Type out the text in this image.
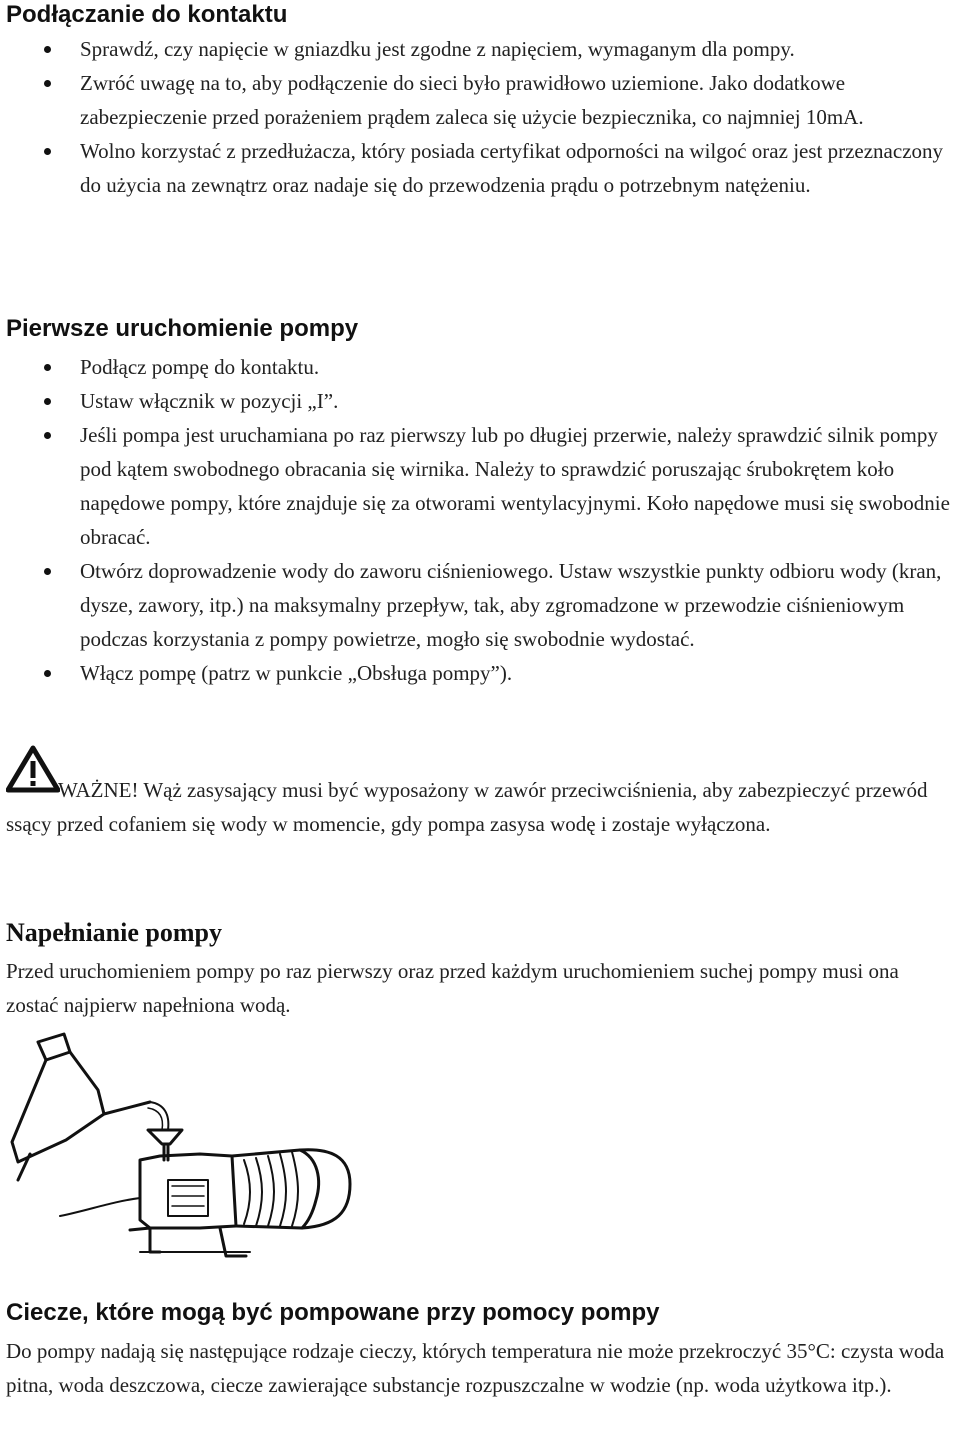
Podłączanie do kontaktu
Sprawdź, czy napięcie w gniazdku jest zgodne z napięciem, wymaganym dla pompy.
Zwróć uwagę na to, aby podłączenie do sieci było prawidłowo uziemione. Jako dodatkowe zabezpieczenie przed porażeniem prądem zaleca się użycie bezpiecznika, co najmniej 10mA.
Wolno korzystać z przedłużacza, który posiada certyfikat odporności na wilgoć oraz jest przeznaczony do użycia na zewnątrz oraz nadaje się do przewodzenia prądu o potrzebnym natężeniu.
Pierwsze uruchomienie pompy
Podłącz pompę do kontaktu.
Ustaw włącznik w pozycji „I”.
Jeśli pompa jest uruchamiana po raz pierwszy lub po długiej przerwie, należy sprawdzić silnik pompy pod kątem swobodnego obracania się wirnika. Należy to sprawdzić poruszając śrubokrętem koło napędowe pompy, które znajduje się za otworami wentylacyjnymi. Koło napędowe musi się swobodnie obracać.
Otwórz doprowadzenie wody do zaworu ciśnieniowego. Ustaw wszystkie punkty odbioru wody (kran, dysze, zawory, itp.) na maksymalny przepływ, tak, aby zgromadzone w przewodzie ciśnieniowym podczas korzystania z pompy powietrze, mogło się swobodnie wydostać.
Włącz pompę (patrz w punkcie „Obsługa pompy”).

WAŻNE! Wąż zasysający musi być wyposażony w zawór przeciwciśnienia, aby zabezpieczyć przewód ssący przed cofaniem się wody w momencie, gdy pompa zasysa wodę i zostaje wyłączona.

Napełnianie pompy

Przed uruchomieniem pompy po raz pierwszy oraz przed każdym uruchomieniem suchej pompy musi ona zostać najpierw napełniona wodą.

Ciecze, które mogą być pompowane przy pomocy pompy

Do pompy nadają się następujące rodzaje cieczy, których temperatura nie może przekroczyć 35°C: czysta woda pitna, woda deszczowa, ciecze zawierające substancje rozpuszczalne w wodzie (np. woda użytkowa itp.).
